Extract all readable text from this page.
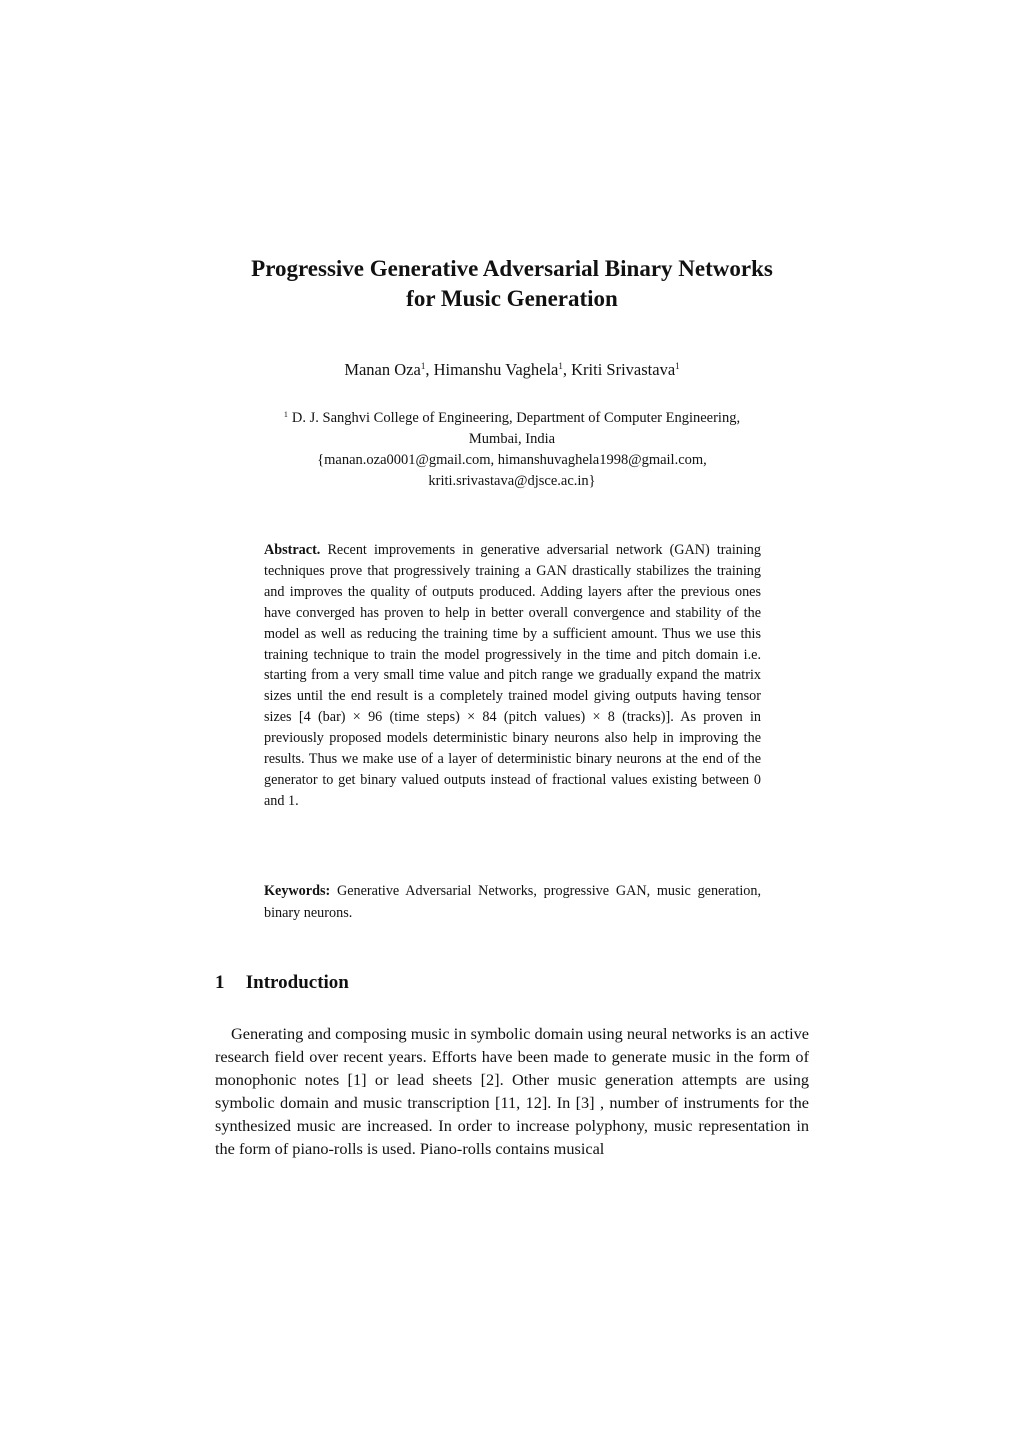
Progressive Generative Adversarial Binary Networks
for Music Generation
Manan Oza$^1$, Himanshu Vaghela$^1$, Kriti Srivastava$^1$
$^1$ D. J. Sanghvi College of Engineering, Department of Computer Engineering,
Mumbai, India
{manan.oza0001@gmail.com, himanshuvaghela1998@gmail.com,
kriti.srivastava@djsce.ac.in}
Abstract. Recent improvements in generative adversarial network (GAN) training techniques prove that progressively training a GAN drastically stabilizes the training and improves the quality of outputs produced. Adding layers after the previous ones have converged has proven to help in better overall convergence and stability of the model as well as reducing the training time by a sufficient amount. Thus we use this training technique to train the model progressively in the time and pitch domain i.e. starting from a very small time value and pitch range we gradually expand the matrix sizes until the end result is a completely trained model giving outputs having tensor sizes [4 (bar) × 96 (time steps) × 84 (pitch values) × 8 (tracks)]. As proven in previously proposed models deterministic binary neurons also help in improving the results. Thus we make use of a layer of deterministic binary neurons at the end of the generator to get binary valued outputs instead of fractional values existing between 0 and 1.
Keywords: Generative Adversarial Networks, progressive GAN, music generation, binary neurons.
1 Introduction

Generating and composing music in symbolic domain using neural networks is an active research field over recent years. Efforts have been made to generate music in the form of monophonic notes [1] or lead sheets [2]. Other music generation attempts are using symbolic domain and music transcription [11, 12]. In [3] , number of instruments for the synthesized music are increased. In order to increase polyphony, music representation in the form of piano-rolls is used. Piano-rolls contains musical
